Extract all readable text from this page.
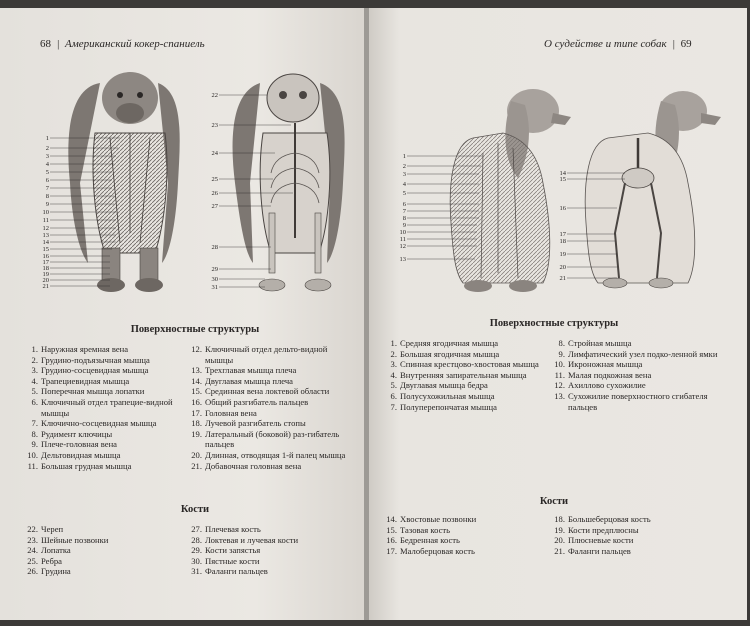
68  |  Американский кокер-спаниель
1
2
3
4
5
6
7
8
9
10
11
12
13
14
15
16
17
18
19
20
21
22
23
24
25
26
27
28
29
30
31
Поверхностные структуры
1. Наружная яремная вена
2. Грудино-подъязычная мышца
3. Грудино-сосцевидная мышца
4. Трапециевидная мышца
5. Поперечная мышца лопатки
6. Ключичный отдел трапецие-видной мышцы
7. Ключично-сосцевидная мышца
8. Рудимент ключицы
9. Плече-головная вена
10. Дельтовидная мышца
11. Большая грудная мышца
12. Ключичный отдел дельто-видной мышцы
13. Трехглавая мышца плеча
14. Двуглавая мышца плеча
15. Срединная вена локтевой области
16. Общий разгибатель пальцев
17. Головная вена
18. Лучевой разгибатель стопы
19. Латеральный (боковой) раз-гибатель пальцев
20. Длинная, отводящая 1-й палец мышца
21. Добавочная головная вена
Кости
22. Череп
23. Шейные позвонки
24. Лопатка
25. Ребра
26. Грудина
27. Плечевая кость
28. Локтевая и лучевая кости
29. Кости запястья
30. Пястные кости
31. Фаланги пальцев
О судействе и типе собак  |  69
1
2
3
4
5
6
7
8
9
10
11
12
13
14
15
16
17
18
19
20
21
Поверхностные структуры
1. Средняя ягодичная мышца
2. Большая ягодичная мышца
3. Спинная крестцово-хвостовая мышца
4. Внутренняя запирательная мышца
5. Двуглавая мышца бедра
6. Полусухожильная мышца
7. Полуперепончатая мышца
8. Стройная мышца
9. Лимфатический узел подко-ленной ямки
10. Икроножная мышца
11. Малая подкожная вена
12. Ахиллово сухожилие
13. Сухожилие поверхностного сгибателя пальцев
Кости
14. Хвостовые позвонки
15. Тазовая кость
16. Бедренная кость
17. Малоберцовая кость
18. Большеберцовая кость
19. Кости предплюсны
20. Плюсневые кости
21. Фаланги пальцев
